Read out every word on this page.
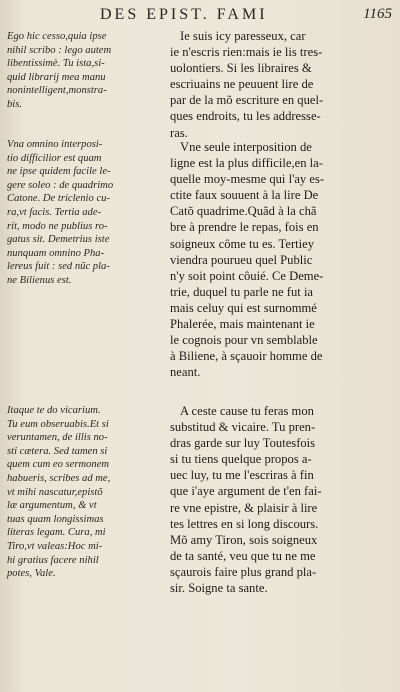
DES EPIST. FAMI	1165
Ego hic cesso,quia ipse
nihil scribo : lego autem
libentissimè. Tu ista,si-
quid librarij mea manu
nonintelligent,monstra-
bis.
Vna omnino interposi-
tio difficilior est quam
ne ipse quidem facile le-
gere soleo : de quadrimo
Catone. De triclenio cu-
ra,vt facis. Tertia ade-
rit, modo ne publius ro-
gatus sit. Demetrius iste
nunquam omnino Pha-
lereus fuit : sed nũc pla-
ne Bilienus est.
Itaque te do vicarium.
Tu eum obseruabis.Et si
veruntamen, de illis no-
sti cætera. Sed tamen si
quem cum eo sermonem
habueris, scribes ad me,
vt mihi nascatur,epistõ
læ argumentum, & vt
tuas quam longissimas
literas legam. Cura, mi
Tiro,vt valeas:Hoc mi-
hi gratius facere nihil
potes, Vale.
Ie suis icy paresseux, car
ie n'escris rien:mais ie lis tres-
uolontiers. Si les libraires &
escriuains ne peuuent lire de
par de la mõ escriture en quel-
ques endroits, tu les addresse-
ras.
Vne seule interposition de
ligne est la plus difficile,en la-
quelle moy-mesme qui l'ay es-
ctite faux souuent à la lire De
Catõ quadrime.Quãd à la chã
bre à prendre le repas, fois en
soigneux côme tu es. Tertiey
viendra pourueu quel Public
n'y soit point côuié. Ce Deme-
trie, duquel tu parle ne fut ia
mais celuy qui est surnommé
Phalerée, mais maintenant ie
le cognois pour vn semblable
à Biliene, à sçauoir homme de
neant.
A ceste cause tu feras mon
substitud & vicaire. Tu pren-
dras garde sur luy Toutesfois
si tu tiens quelque propos a-
uec luy, tu me l'escriras à fin
que i'aye argument de t'en fai-
re vne epistre, & plaisir à lire
tes lettres en si long discours.
Mõ amy Tiron, sois soigneux
de ta santé, veu que tu ne me
sçaurois faire plus grand pla-
sir. Soigne ta sante.
